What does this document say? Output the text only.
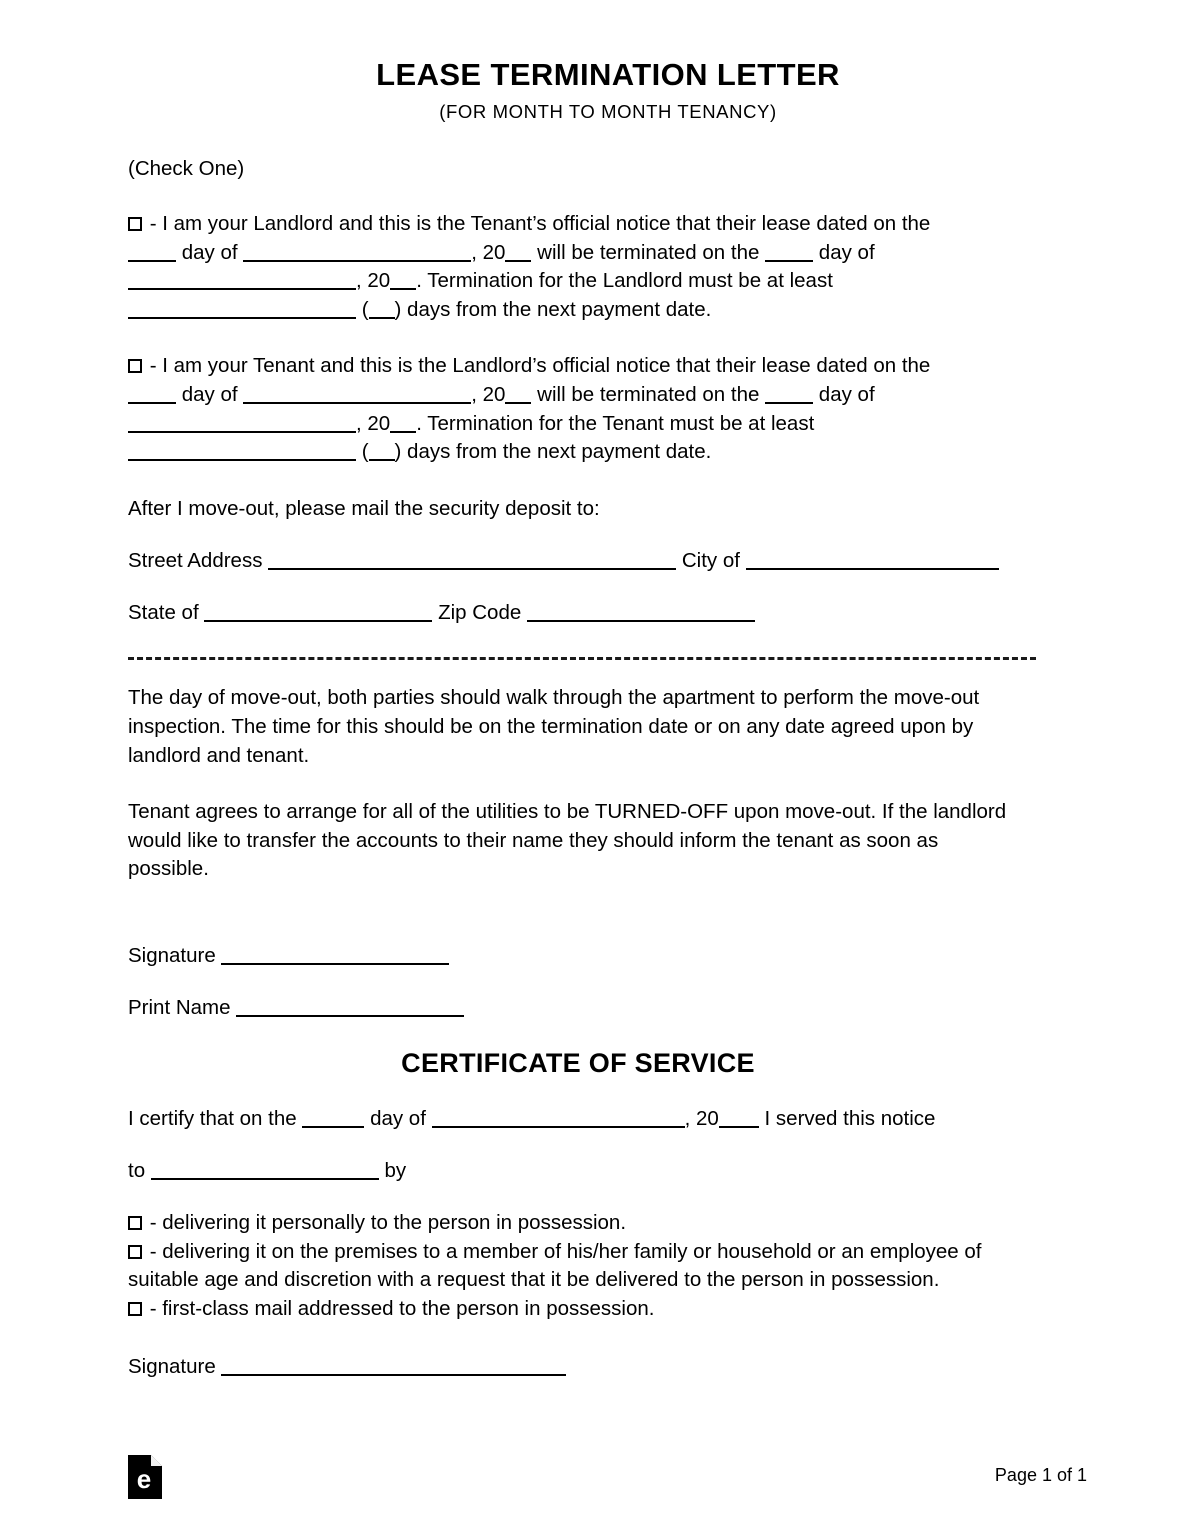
LEASE TERMINATION LETTER
(FOR MONTH TO MONTH TENANCY)

(Check One)

- I am your Landlord and this is the Tenant’s official notice that their lease dated on the
day of	, 20 will be terminated on the	day of
, 20 . Termination for the Landlord must be at least
( ) days from the next payment date.

- I am your Tenant and this is the Landlord’s official notice that their lease dated on the
day of	, 20 will be terminated on the	day of
, 20 . Termination for the Tenant must be at least
( ) days from the next payment date.

After I move-out, please mail the security deposit to:

Street Address	City of

State of	Zip Code

The day of move-out, both parties should walk through the apartment to perform the move-out inspection. The time for this should be on the termination date or on any date agreed upon by landlord and tenant.

Tenant agrees to arrange for all of the utilities to be TURNED-OFF upon move-out. If the landlord would like to transfer the accounts to their name they should inform the tenant as soon as possible.

Signature

Print Name

CERTIFICATE OF SERVICE

I certify that on the	day of	, 20 I served this notice

to	by

- delivering it personally to the person in possession.

- delivering it on the premises to a member of his/her family or household or an employee of suitable age and discretion with a request that it be delivered to the person in possession.

- first-class mail addressed to the person in possession.

Signature

e	Page 1 of 1
